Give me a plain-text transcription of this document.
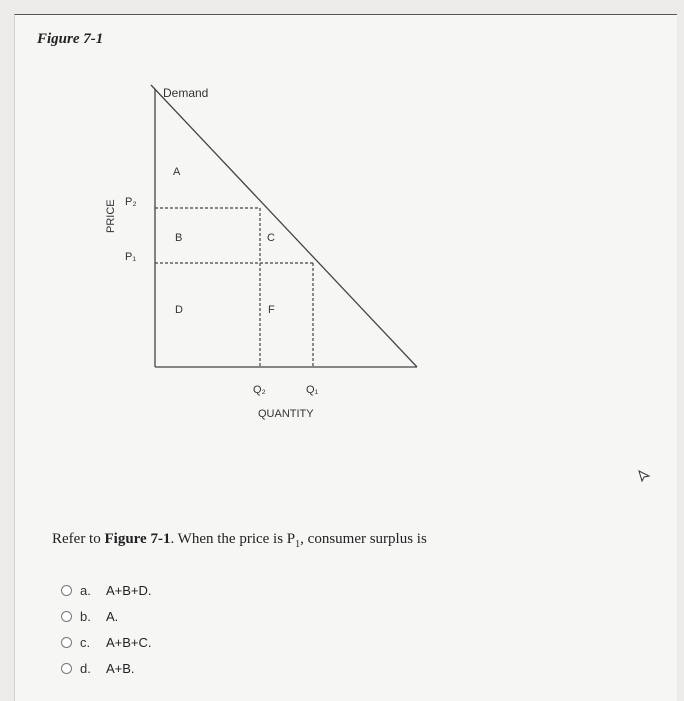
Figure 7-1
Demand
PRICE P₂
P₁
Q₂	Q₁
QUANTITY
A
B	C
D	F
Refer to Figure 7-1. When the price is $P_1$, consumer surplus is
a.	A+B+D.
b.	A.
c.	A+B+C.
d.	A+B.
